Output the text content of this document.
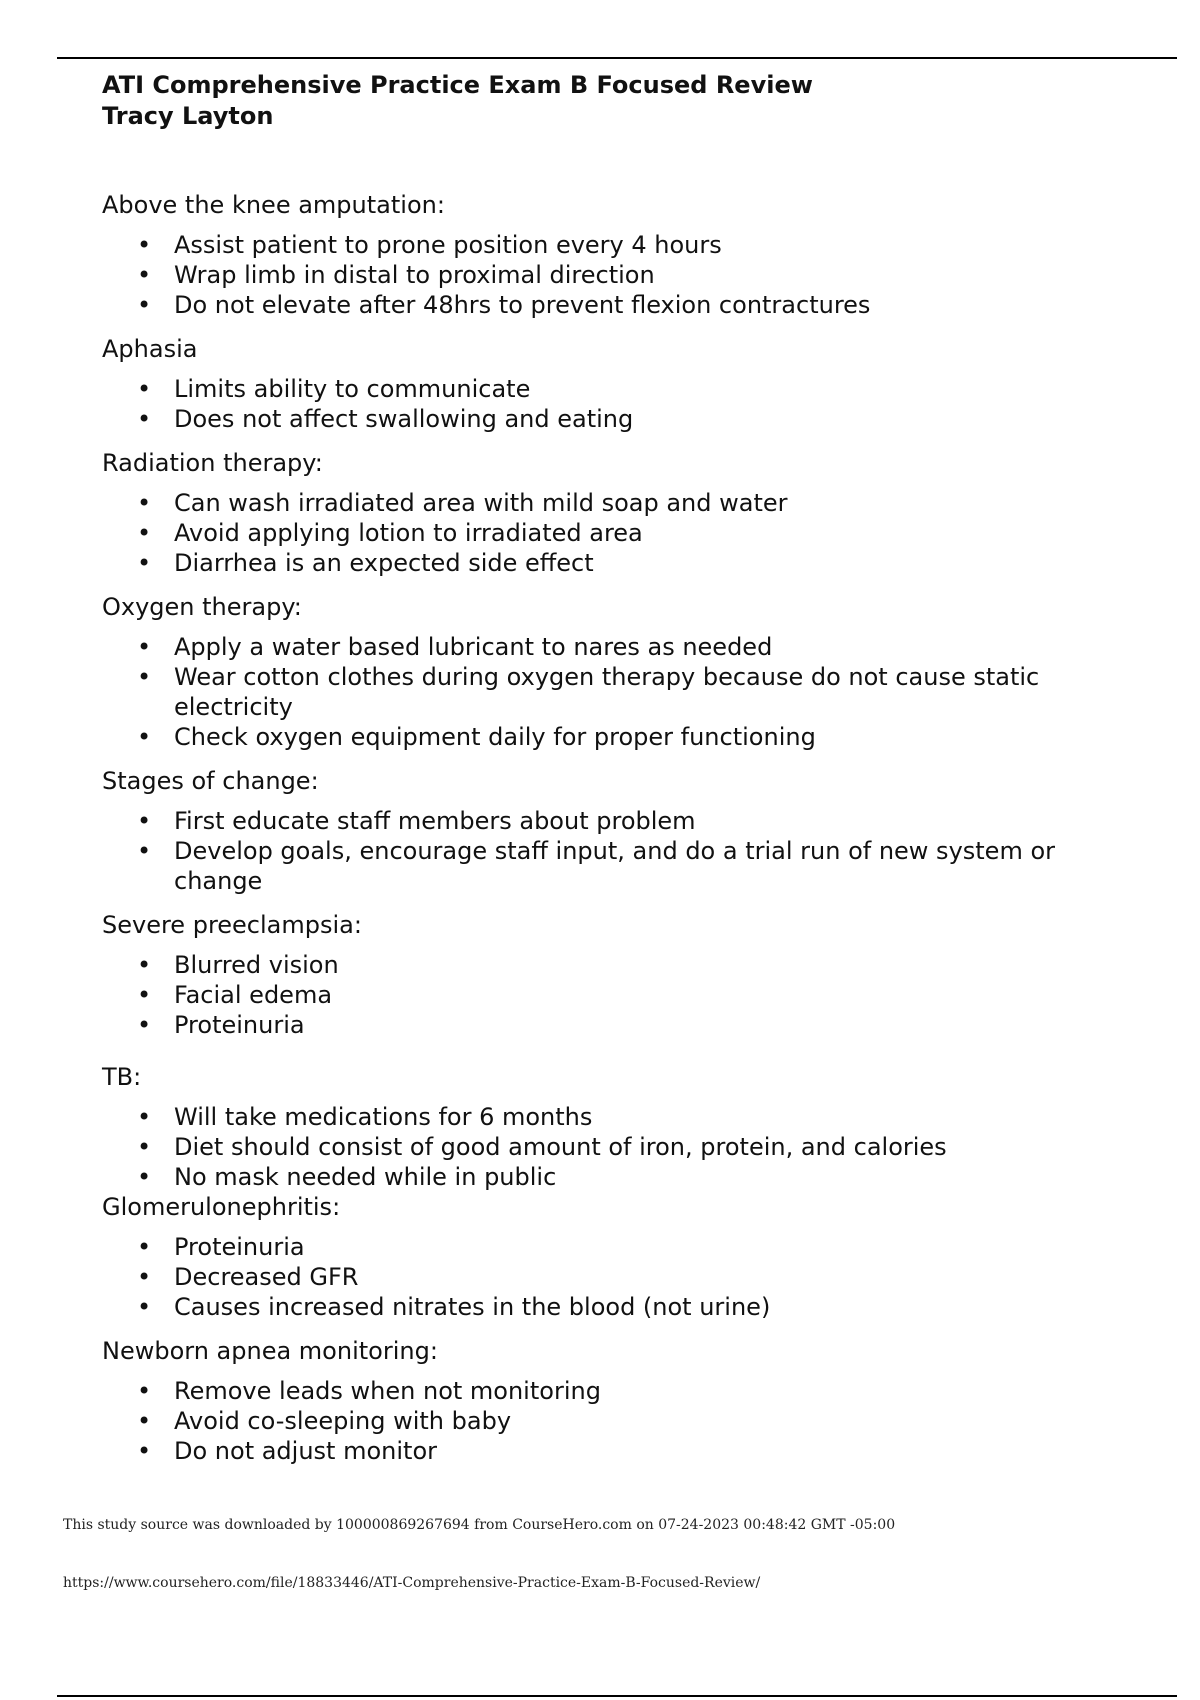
ATI Comprehensive Practice Exam B Focused Review

Tracy Layton

Above the knee amputation:

• Assist patient to prone position every 4 hours
• Wrap limb in distal to proximal direction
• Do not elevate after 48hrs to prevent flexion contractures

Aphasia

• Limits ability to communicate
• Does not affect swallowing and eating

Radiation therapy:

• Can wash irradiated area with mild soap and water
• Avoid applying lotion to irradiated area
• Diarrhea is an expected side effect

Oxygen therapy:

• Apply a water based lubricant to nares as needed
• Wear cotton clothes during oxygen therapy because do not cause static electricity
• Check oxygen equipment daily for proper functioning

Stages of change:

• First educate staff members about problem
• Develop goals, encourage staff input, and do a trial run of new system or change

Severe preeclampsia:

• Blurred vision
• Facial edema
• Proteinuria

TB:

• Will take medications for 6 months
• Diet should consist of good amount of iron, protein, and calories
• No mask needed while in public

Glomerulonephritis:

• Proteinuria
• Decreased GFR
• Causes increased nitrates in the blood (not urine)

Newborn apnea monitoring:

• Remove leads when not monitoring
• Avoid co-sleeping with baby
• Do not adjust monitor
This study source was downloaded by 100000869267694 from CourseHero.com on 07-24-2023 00:48:42 GMT -05:00
https://www.coursehero.com/file/18833446/ATI-Comprehensive-Practice-Exam-B-Focused-Review/
